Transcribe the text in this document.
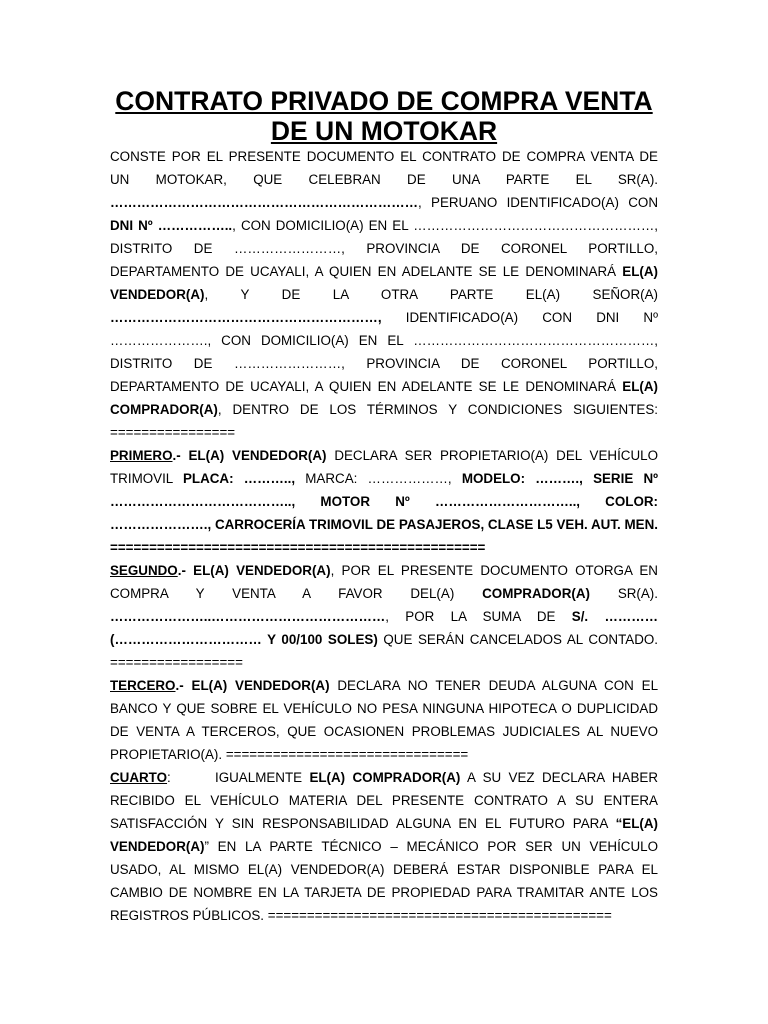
CONTRATO PRIVADO DE COMPRA VENTA DE UN MOTOKAR
CONSTE POR EL PRESENTE DOCUMENTO EL CONTRATO DE COMPRA VENTA DE UN MOTOKAR, QUE CELEBRAN DE UNA PARTE EL SR(A). ……………………………………………………………, PERUANO IDENTIFICADO(A) CON DNI Nº …………….., CON DOMICILIO(A) EN EL ………………………………………………, DISTRITO DE ……………………, PROVINCIA DE CORONEL PORTILLO, DEPARTAMENTO DE UCAYALI, A QUIEN EN ADELANTE SE LE DENOMINARÁ EL(A) VENDEDOR(A), Y DE LA OTRA PARTE EL(A) SEÑOR(A) ……………………………………………………, IDENTIFICADO(A) CON DNI Nº …………………., CON DOMICILIO(A) EN EL ………………………………………………, DISTRITO DE ……………………, PROVINCIA DE CORONEL PORTILLO, DEPARTAMENTO DE UCAYALI, A QUIEN EN ADELANTE SE LE DENOMINARÁ EL(A) COMPRADOR(A), DENTRO DE LOS TÉRMINOS Y CONDICIONES SIGUIENTES: ================
PRIMERO.- EL(A) VENDEDOR(A) DECLARA SER PROPIETARIO(A) DEL VEHÍCULO TRIMOVIL PLACA: ……….., MARCA: ………………, MODELO: ………., SERIE Nº ………………………………….., MOTOR Nº ………………………….., COLOR: …………………., CARROCERÍA TRIMOVIL DE PASAJEROS, CLASE L5 VEH. AUT. MEN. ================================================
SEGUNDO.- EL(A) VENDEDOR(A), POR EL PRESENTE DOCUMENTO OTORGA EN COMPRA Y VENTA A FAVOR DEL(A) COMPRADOR(A) SR(A). …………………..…………………………………, POR LA SUMA DE S/. ………… (…………………………… Y 00/100 SOLES) QUE SERÁN CANCELADOS AL CONTADO. =================
TERCERO.- EL(A) VENDEDOR(A) DECLARA NO TENER DEUDA ALGUNA CON EL BANCO Y QUE SOBRE EL VEHÍCULO NO PESA NINGUNA HIPOTECA O DUPLICIDAD DE VENTA A TERCEROS, QUE OCASIONEN PROBLEMAS JUDICIALES AL NUEVO PROPIETARIO(A). ===============================
CUARTO:      IGUALMENTE EL(A) COMPRADOR(A) A SU VEZ DECLARA HABER RECIBIDO EL VEHÍCULO MATERIA DEL PRESENTE CONTRATO A SU ENTERA SATISFACCIÓN Y SIN RESPONSABILIDAD ALGUNA EN EL FUTURO PARA “EL(A) VENDEDOR(A)” EN LA PARTE TÉCNICO – MECÁNICO POR SER UN VEHÍCULO USADO, AL MISMO EL(A) VENDEDOR(A) DEBERÁ ESTAR DISPONIBLE PARA EL CAMBIO DE NOMBRE EN LA TARJETA DE PROPIEDAD PARA TRAMITAR ANTE LOS REGISTROS PÚBLICOS. ============================================
